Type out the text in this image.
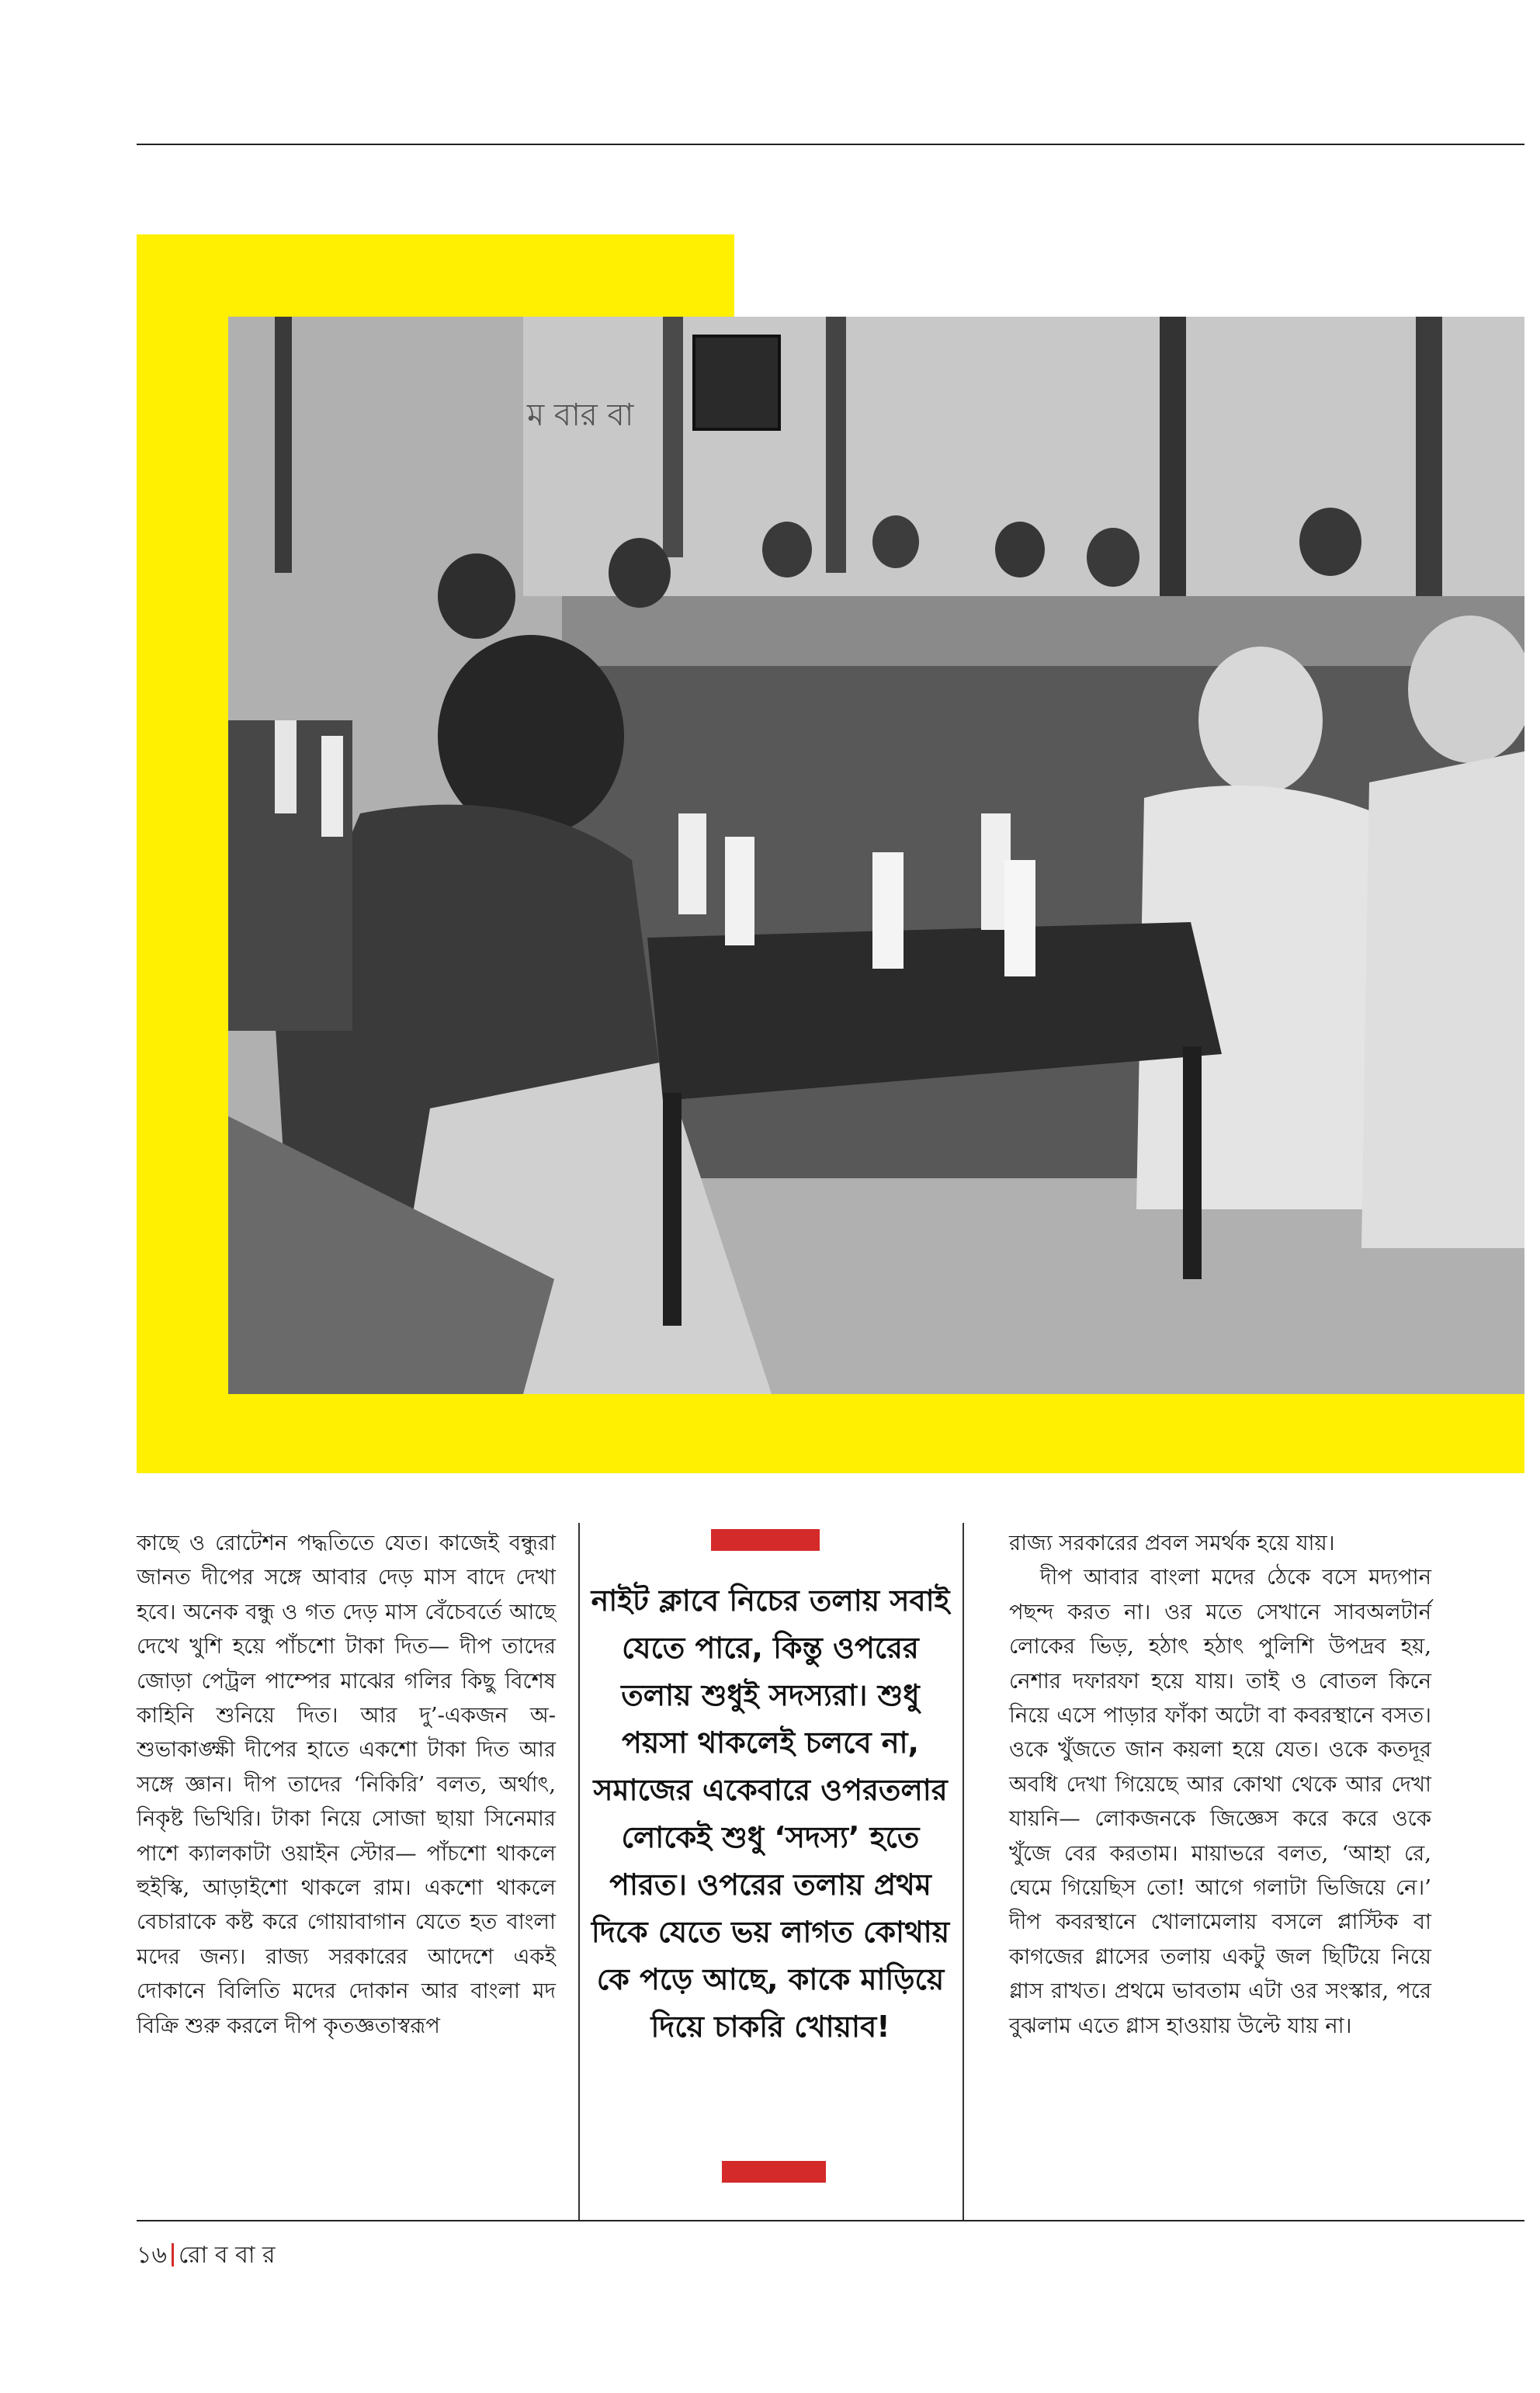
ম বার বা

কাছে ও রোটেশন পদ্ধতিতে যেত। কাজেই বন্ধুরা জানত দীপের সঙ্গে আবার দেড় মাস বাদে দেখা হবে। অনেক বন্ধু ও গত দেড় মাস বেঁচেবর্তে আছে দেখে খুশি হয়ে পাঁচশো টাকা দিত— দীপ তাদের জোড়া পেট্রল পাম্পের মাঝের গলির কিছু বিশেষ কাহিনি শুনিয়ে দিত। আর দু’-একজন অ-শুভাকাঙ্ক্ষী দীপের হাতে একশো টাকা দিত আর সঙ্গে জ্ঞান। দীপ তাদের ‘নিকিরি’ বলত, অর্থাৎ, নিকৃষ্ট ভিখিরি। টাকা নিয়ে সোজা ছায়া সিনেমার পাশে ক্যালকাটা ওয়াইন স্টোর— পাঁচশো থাকলে হুইস্কি, আড়াইশো থাকলে রাম। একশো থাকলে বেচারাকে কষ্ট করে গোয়াবাগান যেতে হত বাংলা মদের জন্য। রাজ্য সরকারের আদেশে একই দোকানে বিলিতি মদের দোকান আর বাংলা মদ বিক্রি শুরু করলে দীপ কৃতজ্ঞতাস্বরূপ

নাইট ক্লাবে নিচের তলায় সবাই যেতে পারে, কিন্তু ওপরের তলায় শুধুই সদস্যরা। শুধু পয়সা থাকলেই চলবে না, সমাজের একেবারে ওপরতলার লোকেই শুধু ‘সদস্য’ হতে পারত। ওপরের তলায় প্রথম দিকে যেতে ভয় লাগত কোথায় কে পড়ে আছে, কাকে মাড়িয়ে দিয়ে চাকরি খোয়াব!

রাজ্য সরকারের প্রবল সমর্থক হয়ে যায়।
দীপ আবার বাংলা মদের ঠেকে বসে মদ্যপান পছন্দ করত না। ওর মতে সেখানে সাবঅলটার্ন লোকের ভিড়, হঠাৎ হঠাৎ পুলিশি উপদ্রব হয়, নেশার দফারফা হয়ে যায়। তাই ও বোতল কিনে নিয়ে এসে পাড়ার ফাঁকা অটো বা কবরস্থানে বসত। ওকে খুঁজতে জান কয়লা হয়ে যেত। ওকে কতদূর অবধি দেখা গিয়েছে আর কোথা থেকে আর দেখা যায়নি— লোকজনকে জিজ্ঞেস করে করে ওকে খুঁজে বের করতাম। মায়াভরে বলত, ‘আহা রে, ঘেমে গিয়েছিস তো! আগে গলাটা ভিজিয়ে নে।’ দীপ কবরস্থানে খোলামেলায় বসলে প্লাস্টিক বা কাগজের গ্লাসের তলায় একটু জল ছিটিয়ে নিয়ে গ্লাস রাখত। প্রথমে ভাবতাম এটা ওর সংস্কার, পরে বুঝলাম এতে গ্লাস হাওয়ায় উল্টে যায় না।
১৬ রো ব বা র
